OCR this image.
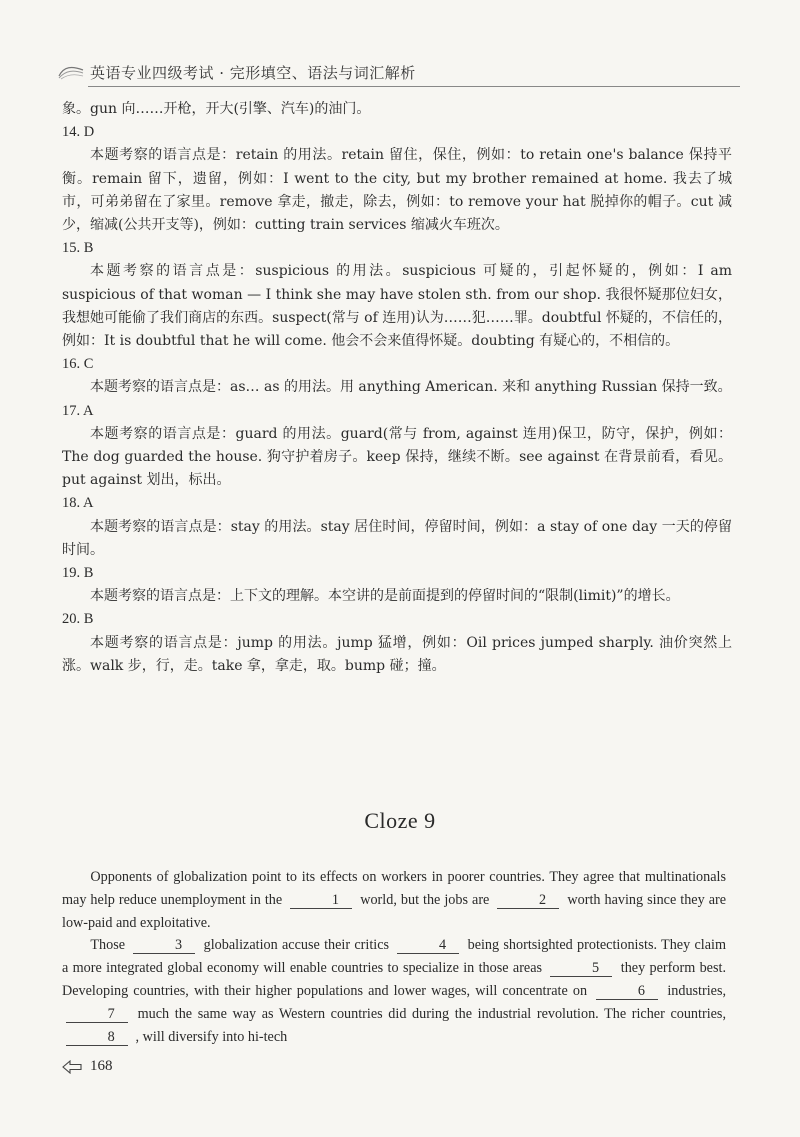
英语专业四级考试 · 完形填空、语法与词汇解析

象。gun 向……开枪，开大(引擎、汽车)的油门。

14. D

本题考察的语言点是：retain 的用法。retain 留住，保住，例如：to retain one's balance 保持平衡。remain 留下，遗留，例如：I went to the city, but my brother remained at home. 我去了城市，可弟弟留在了家里。remove 拿走，撤走，除去，例如：to remove your hat 脱掉你的帽子。cut 减少，缩减(公共开支等)，例如：cutting train services 缩减火车班次。

15. B

本题考察的语言点是：suspicious 的用法。suspicious 可疑的，引起怀疑的，例如：I am suspicious of that woman — I think she may have stolen sth. from our shop. 我很怀疑那位妇女，我想她可能偷了我们商店的东西。suspect(常与 of 连用)认为……犯……罪。doubtful 怀疑的，不信任的，例如：It is doubtful that he will come. 他会不会来值得怀疑。doubting 有疑心的，不相信的。

16. C

本题考察的语言点是：as… as 的用法。用 anything American. 来和 anything Russian 保持一致。

17. A

本题考察的语言点是：guard 的用法。guard(常与 from, against 连用)保卫，防守，保护，例如：The dog guarded the house. 狗守护着房子。keep 保持，继续不断。see against 在背景前看，看见。put against 划出，标出。

18. A

本题考察的语言点是：stay 的用法。stay 居住时间，停留时间，例如：a stay of one day 一天的停留时间。

19. B

本题考察的语言点是：上下文的理解。本空讲的是前面提到的停留时间的“限制(limit)”的增长。

20. B

本题考察的语言点是：jump 的用法。jump 猛增，例如：Oil prices jumped sharply. 油价突然上涨。walk 步，行，走。take 拿，拿走，取。bump 碰；撞。

Cloze 9

Opponents of globalization point to its effects on workers in poorer countries. They agree that multinationals may help reduce unemployment in the	1 world, but the jobs are	2 worth having since they are low-paid and exploitative.

Those	3 globalization accuse their critics	4 being shortsighted protectionists. They claim a more integrated global economy will enable countries to specialize in those areas	5 they perform best. Developing countries, with their higher populations and lower wages, will concentrate on	6 industries, 7 much the same way as Western countries did during the industrial revolution. The richer countries, 8 , will diversify into hi-tech

168
